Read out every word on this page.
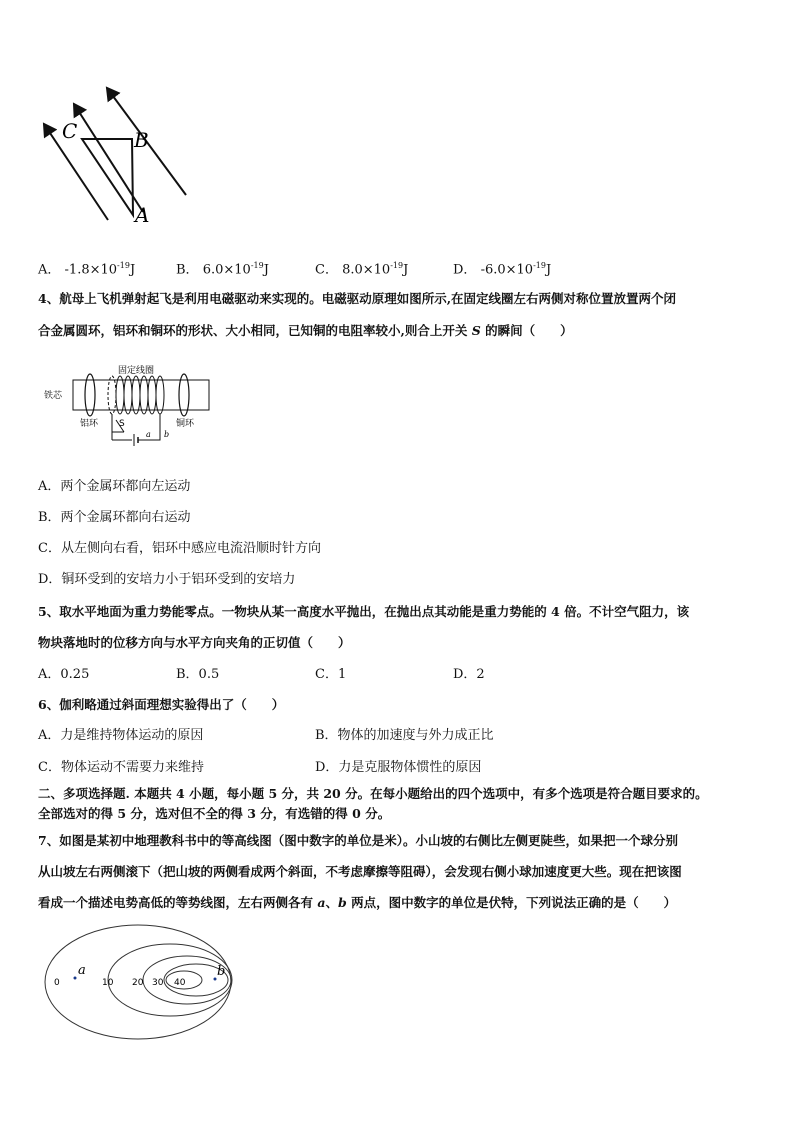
C	B
A
A． $-1.8\times 10^{-19}J$	B． $6.0\times 10^{-19}J$	C． $8.0\times 10^{-19}J$	D． $-6.0\times 10^{-19}J$
4、航母上飞机弹射起飞是利用电磁驱动来实现的。电磁驱动原理如图所示,在固定线圈左右两侧对称位置放置两个闭
合金属圆环，铝环和铜环的形状、大小相同，已知铜的电阻率较小,则合上开关 S 的瞬间（　　）
固定线圈
铁芯
铝环	铜环
S
a b
A．两个金属环都向左运动
B．两个金属环都向右运动
C．从左侧向右看，铝环中感应电流沿顺时针方向
D．铜环受到的安培力小于铝环受到的安培力
5、取水平地面为重力势能零点。一物块从某一高度水平抛出，在抛出点其动能是重力势能的 4 倍。不计空气阻力，该
物块落地时的位移方向与水平方向夹角的正切值（　　）
A．0.25	B．0.5	C．1	D．2
6、伽利略通过斜面理想实验得出了（　　）
A．力是维持物体运动的原因	B．物体的加速度与外力成正比
C．物体运动不需要力来维持	D．力是克服物体惯性的原因
二、多项选择题. 本题共 4 小题，每小题 5 分，共 20 分。在每小题给出的四个选项中，有多个选项是符合题目要求的。
全部选对的得 5 分，选对但不全的得 3 分，有选错的得 0 分。
7、如图是某初中地理教科书中的等高线图（图中数字的单位是米）。小山坡的右侧比左侧更陡些，如果把一个球分别
从山坡左右两侧滚下（把山坡的两侧看成两个斜面，不考虑摩擦等阻碍），会发现右侧小球加速度更大些。现在把该图
看成一个描述电势高低的等势线图，左右两侧各有 a、b 两点，图中数字的单位是伏特，下列说法正确的是（　　）
0	10 20 30 40
a	b
